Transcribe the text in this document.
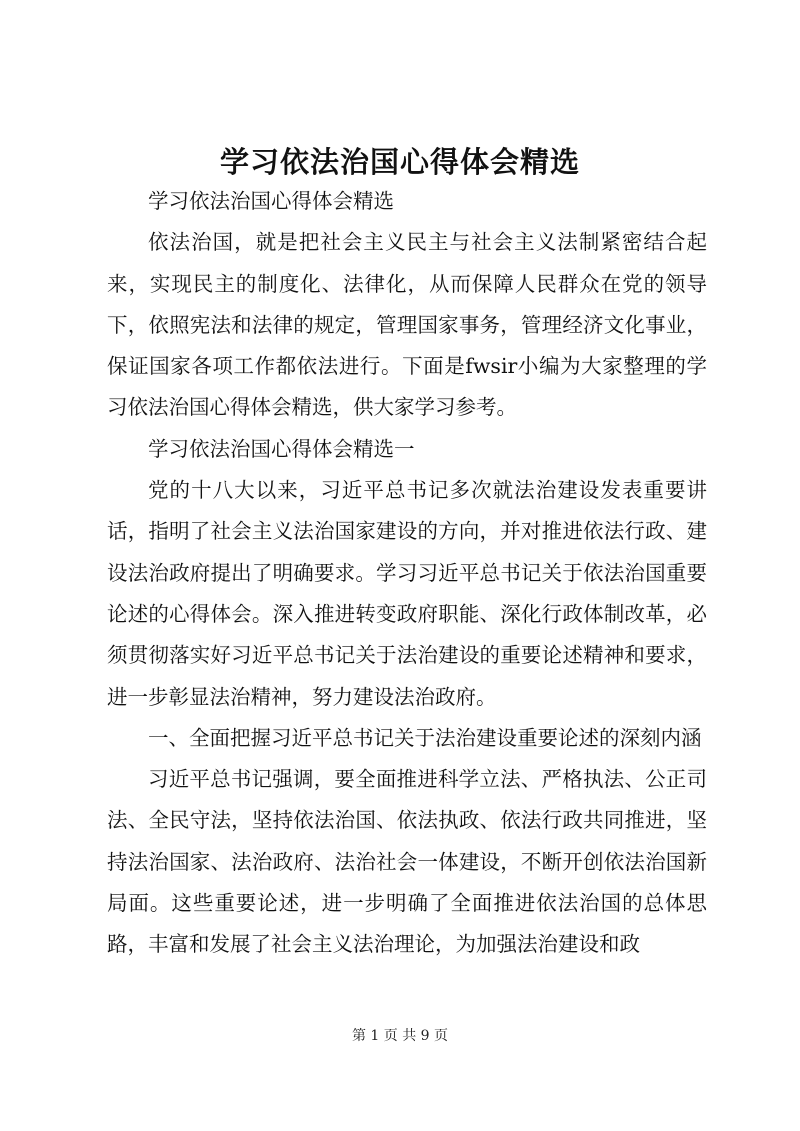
学习依法治国心得体会精选

学习依法治国心得体会精选

依法治国，就是把社会主义民主与社会主义法制紧密结合起来，实现民主的制度化、法律化，从而保障人民群众在党的领导下，依照宪法和法律的规定，管理国家事务，管理经济文化事业，保证国家各项工作都依法进行。下面是fwsir小编为大家整理的学习依法治国心得体会精选，供大家学习参考。

学习依法治国心得体会精选一

党的十八大以来，习近平总书记多次就法治建设发表重要讲话，指明了社会主义法治国家建设的方向，并对推进依法行政、建设法治政府提出了明确要求。学习习近平总书记关于依法治国重要论述的心得体会。深入推进转变政府职能、深化行政体制改革，必须贯彻落实好习近平总书记关于法治建设的重要论述精神和要求，进一步彰显法治精神，努力建设法治政府。

一、全面把握习近平总书记关于法治建设重要论述的深刻内涵

习近平总书记强调，要全面推进科学立法、严格执法、公正司法、全民守法，坚持依法治国、依法执政、依法行政共同推进，坚持法治国家、法治政府、法治社会一体建设，不断开创依法治国新局面。这些重要论述，进一步明确了全面推进依法治国的总体思路，丰富和发展了社会主义法治理论，为加强法治建设和政

第 1 页 共 9 页
